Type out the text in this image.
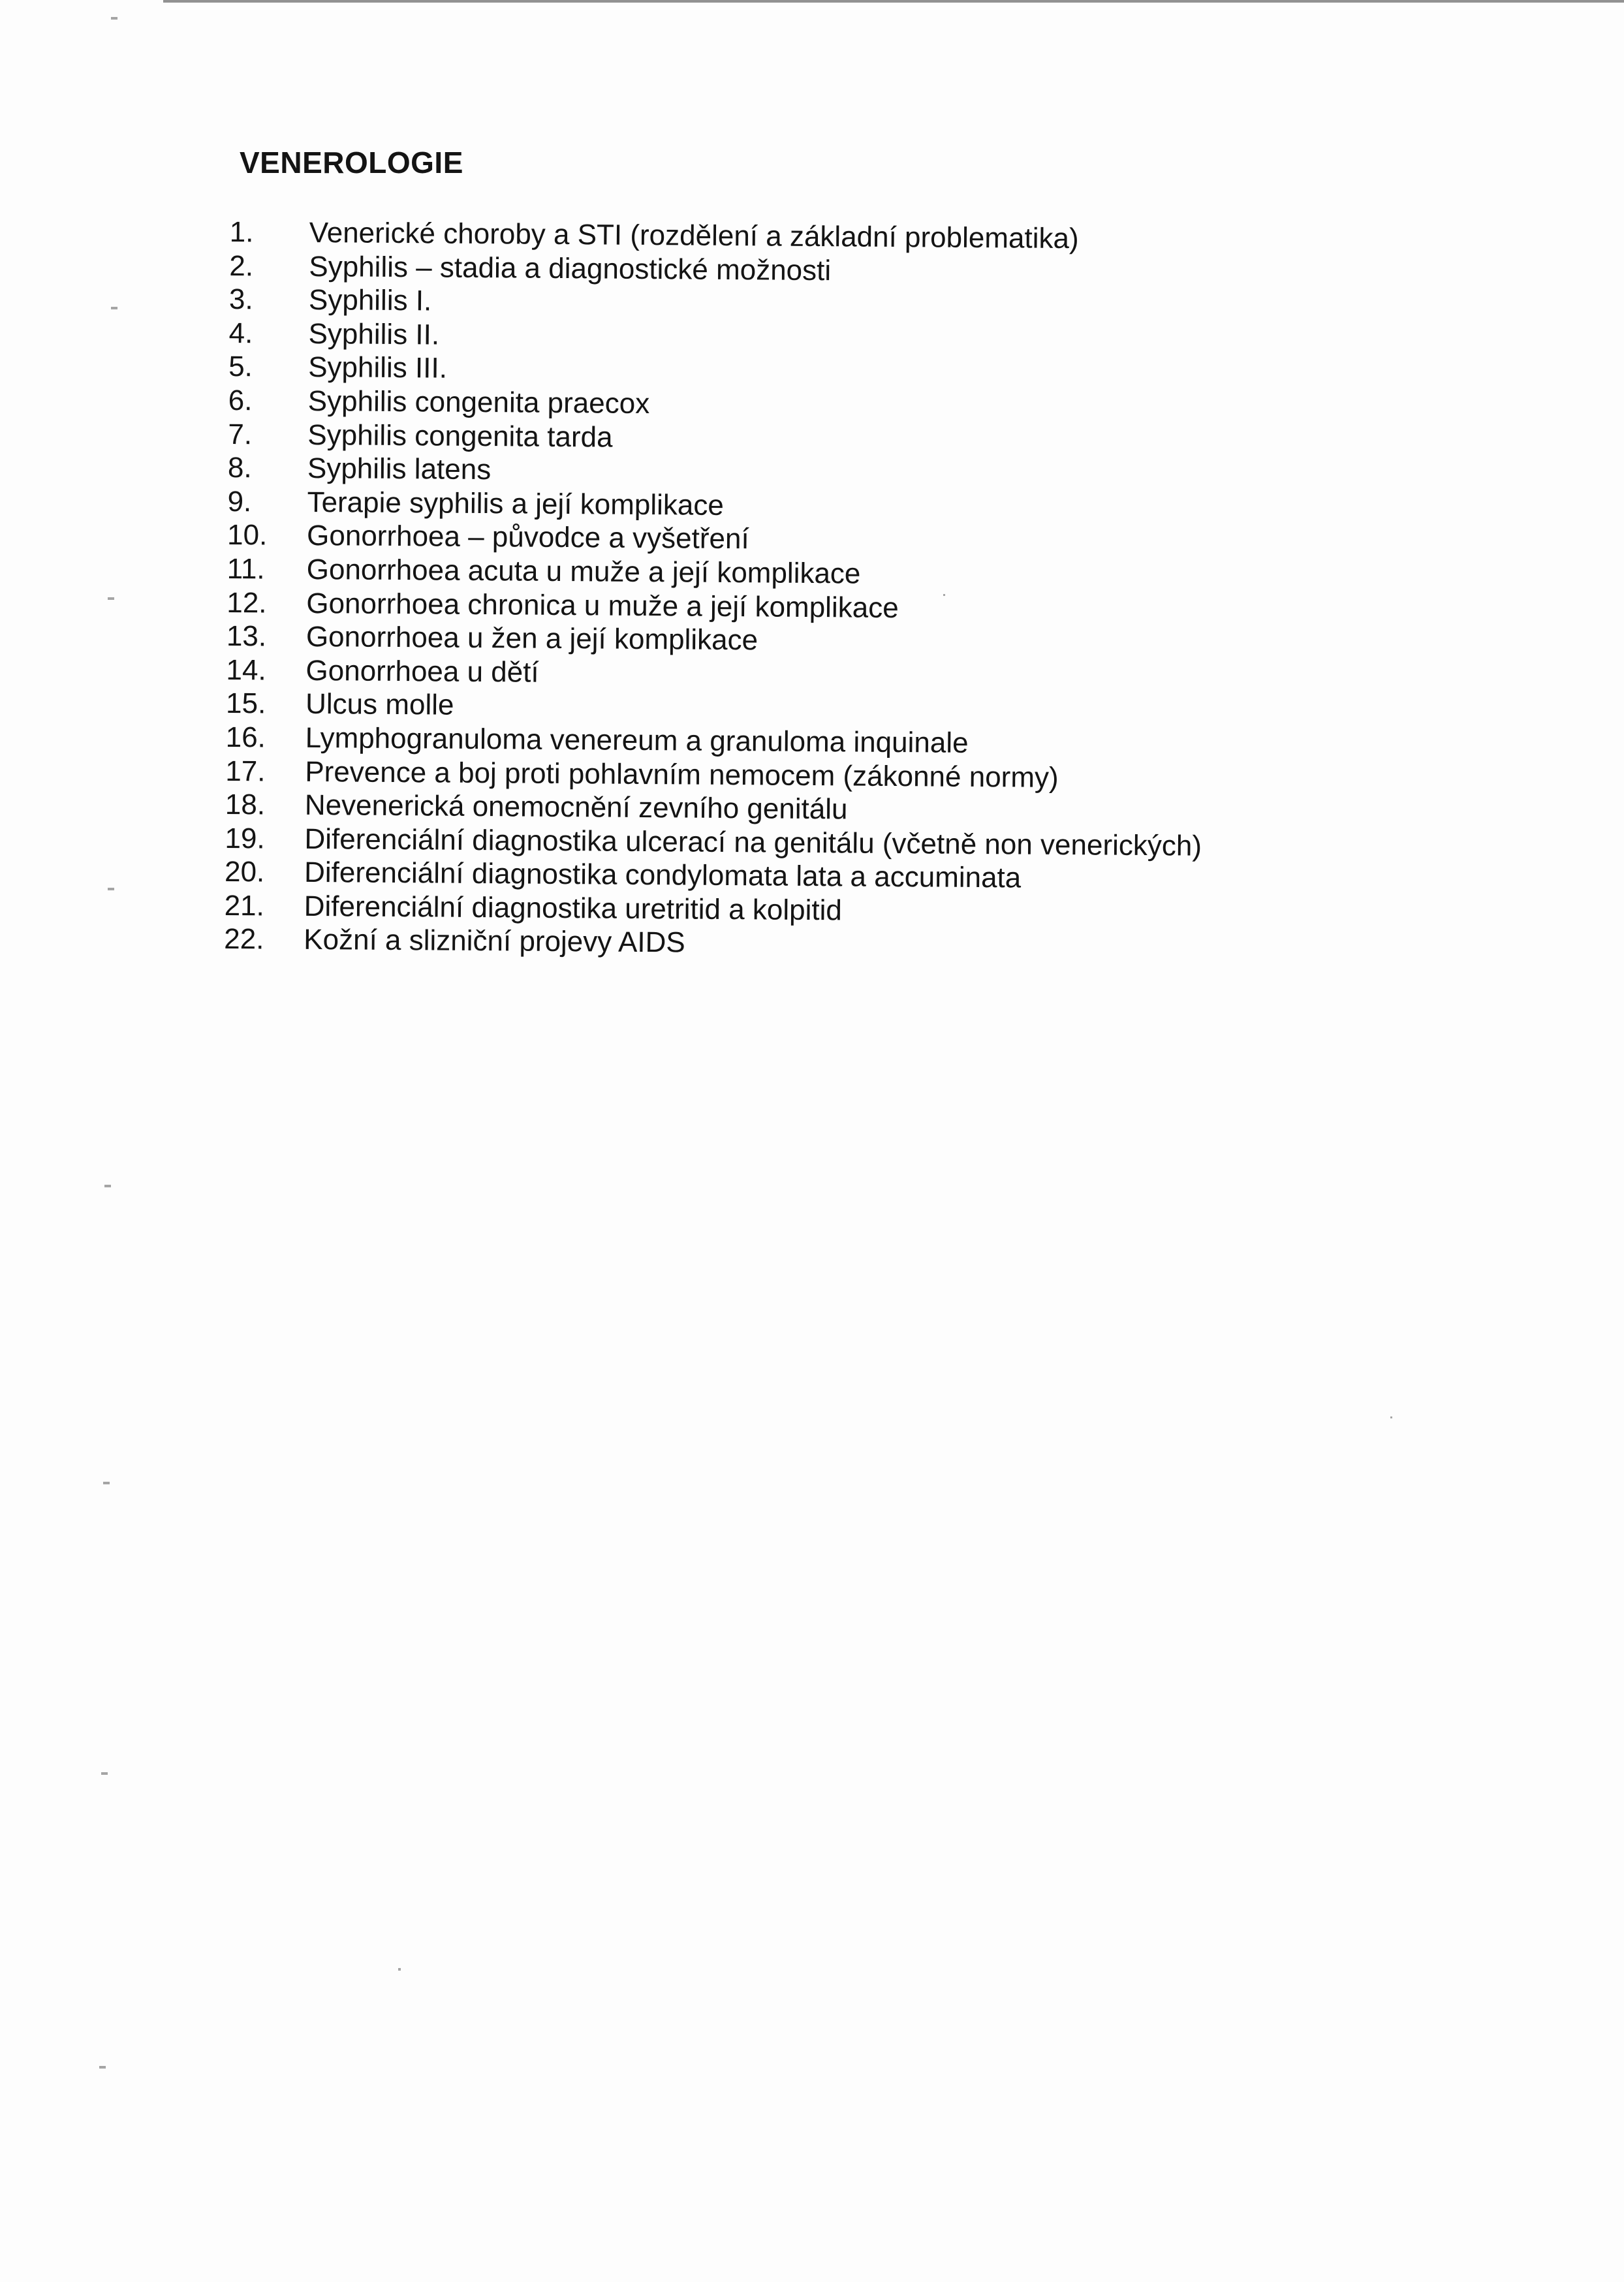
VENEROLOGIE
1.	Venerické choroby a STI (rozdělení a základní problematika)
2.	Syphilis – stadia a diagnostické možnosti
3.	Syphilis I.
4.	Syphilis II.
5.	Syphilis III.
6.	Syphilis congenita praecox
7.	Syphilis congenita tarda
8.	Syphilis latens
9.	Terapie syphilis a její komplikace
10.	Gonorrhoea – původce a vyšetření
11.	Gonorrhoea acuta u muže a její komplikace
12.	Gonorrhoea chronica u muže a její komplikace
13.	Gonorrhoea u žen a její komplikace
14.	Gonorrhoea u dětí
15.	Ulcus molle
16.	Lymphogranuloma venereum a granuloma inquinale
17.	Prevence a boj proti pohlavním nemocem (zákonné normy)
18.	Nevenerická onemocnění zevního genitálu
19.	Diferenciální diagnostika ulcerací na genitálu (včetně non venerických)
20.	Diferenciální diagnostika condylomata lata a accuminata
21.	Diferenciální diagnostika uretritid a kolpitid
22.	Kožní a slizniční projevy AIDS
